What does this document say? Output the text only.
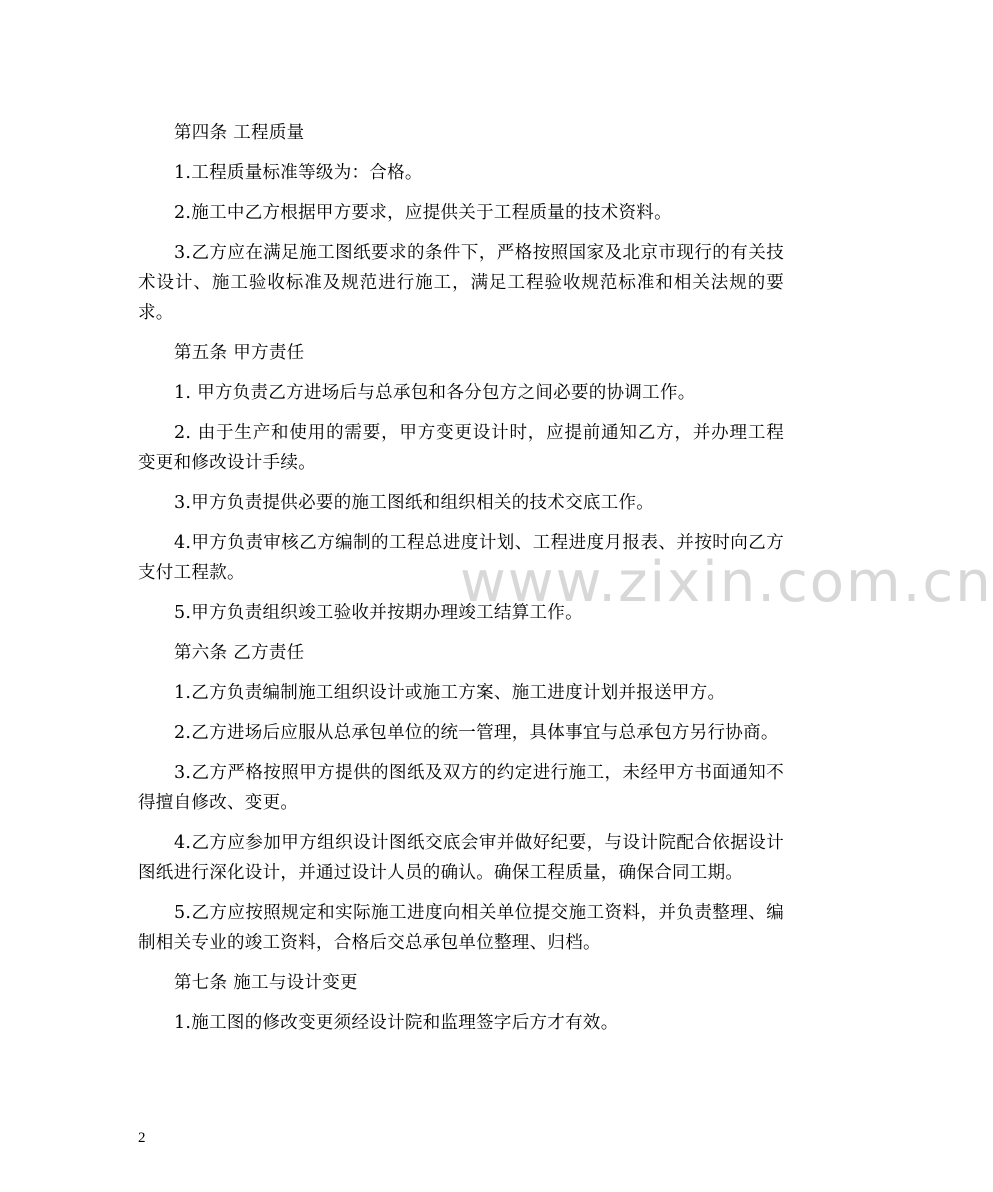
www.zixin.com.cn

第四条 工程质量

1.工程质量标准等级为：合格。

2.施工中乙方根据甲方要求，应提供关于工程质量的技术资料。

3.乙方应在满足施工图纸要求的条件下，严格按照国家及北京市现行的有关技术设计、施工验收标准及规范进行施工，满足工程验收规范标准和相关法规的要求。

第五条 甲方责任

1. 甲方负责乙方进场后与总承包和各分包方之间必要的协调工作。

2. 由于生产和使用的需要，甲方变更设计时，应提前通知乙方，并办理工程变更和修改设计手续。

3.甲方负责提供必要的施工图纸和组织相关的技术交底工作。

4.甲方负责审核乙方编制的工程总进度计划、工程进度月报表、并按时向乙方支付工程款。

5.甲方负责组织竣工验收并按期办理竣工结算工作。

第六条 乙方责任

1.乙方负责编制施工组织设计或施工方案、施工进度计划并报送甲方。

2.乙方进场后应服从总承包单位的统一管理，具体事宜与总承包方另行协商。

3.乙方严格按照甲方提供的图纸及双方的约定进行施工，未经甲方书面通知不得擅自修改、变更。

4.乙方应参加甲方组织设计图纸交底会审并做好纪要，与设计院配合依据设计图纸进行深化设计，并通过设计人员的确认。确保工程质量，确保合同工期。

5.乙方应按照规定和实际施工进度向相关单位提交施工资料，并负责整理、编制相关专业的竣工资料，合格后交总承包单位整理、归档。

第七条 施工与设计变更

1.施工图的修改变更须经设计院和监理签字后方才有效。

2
